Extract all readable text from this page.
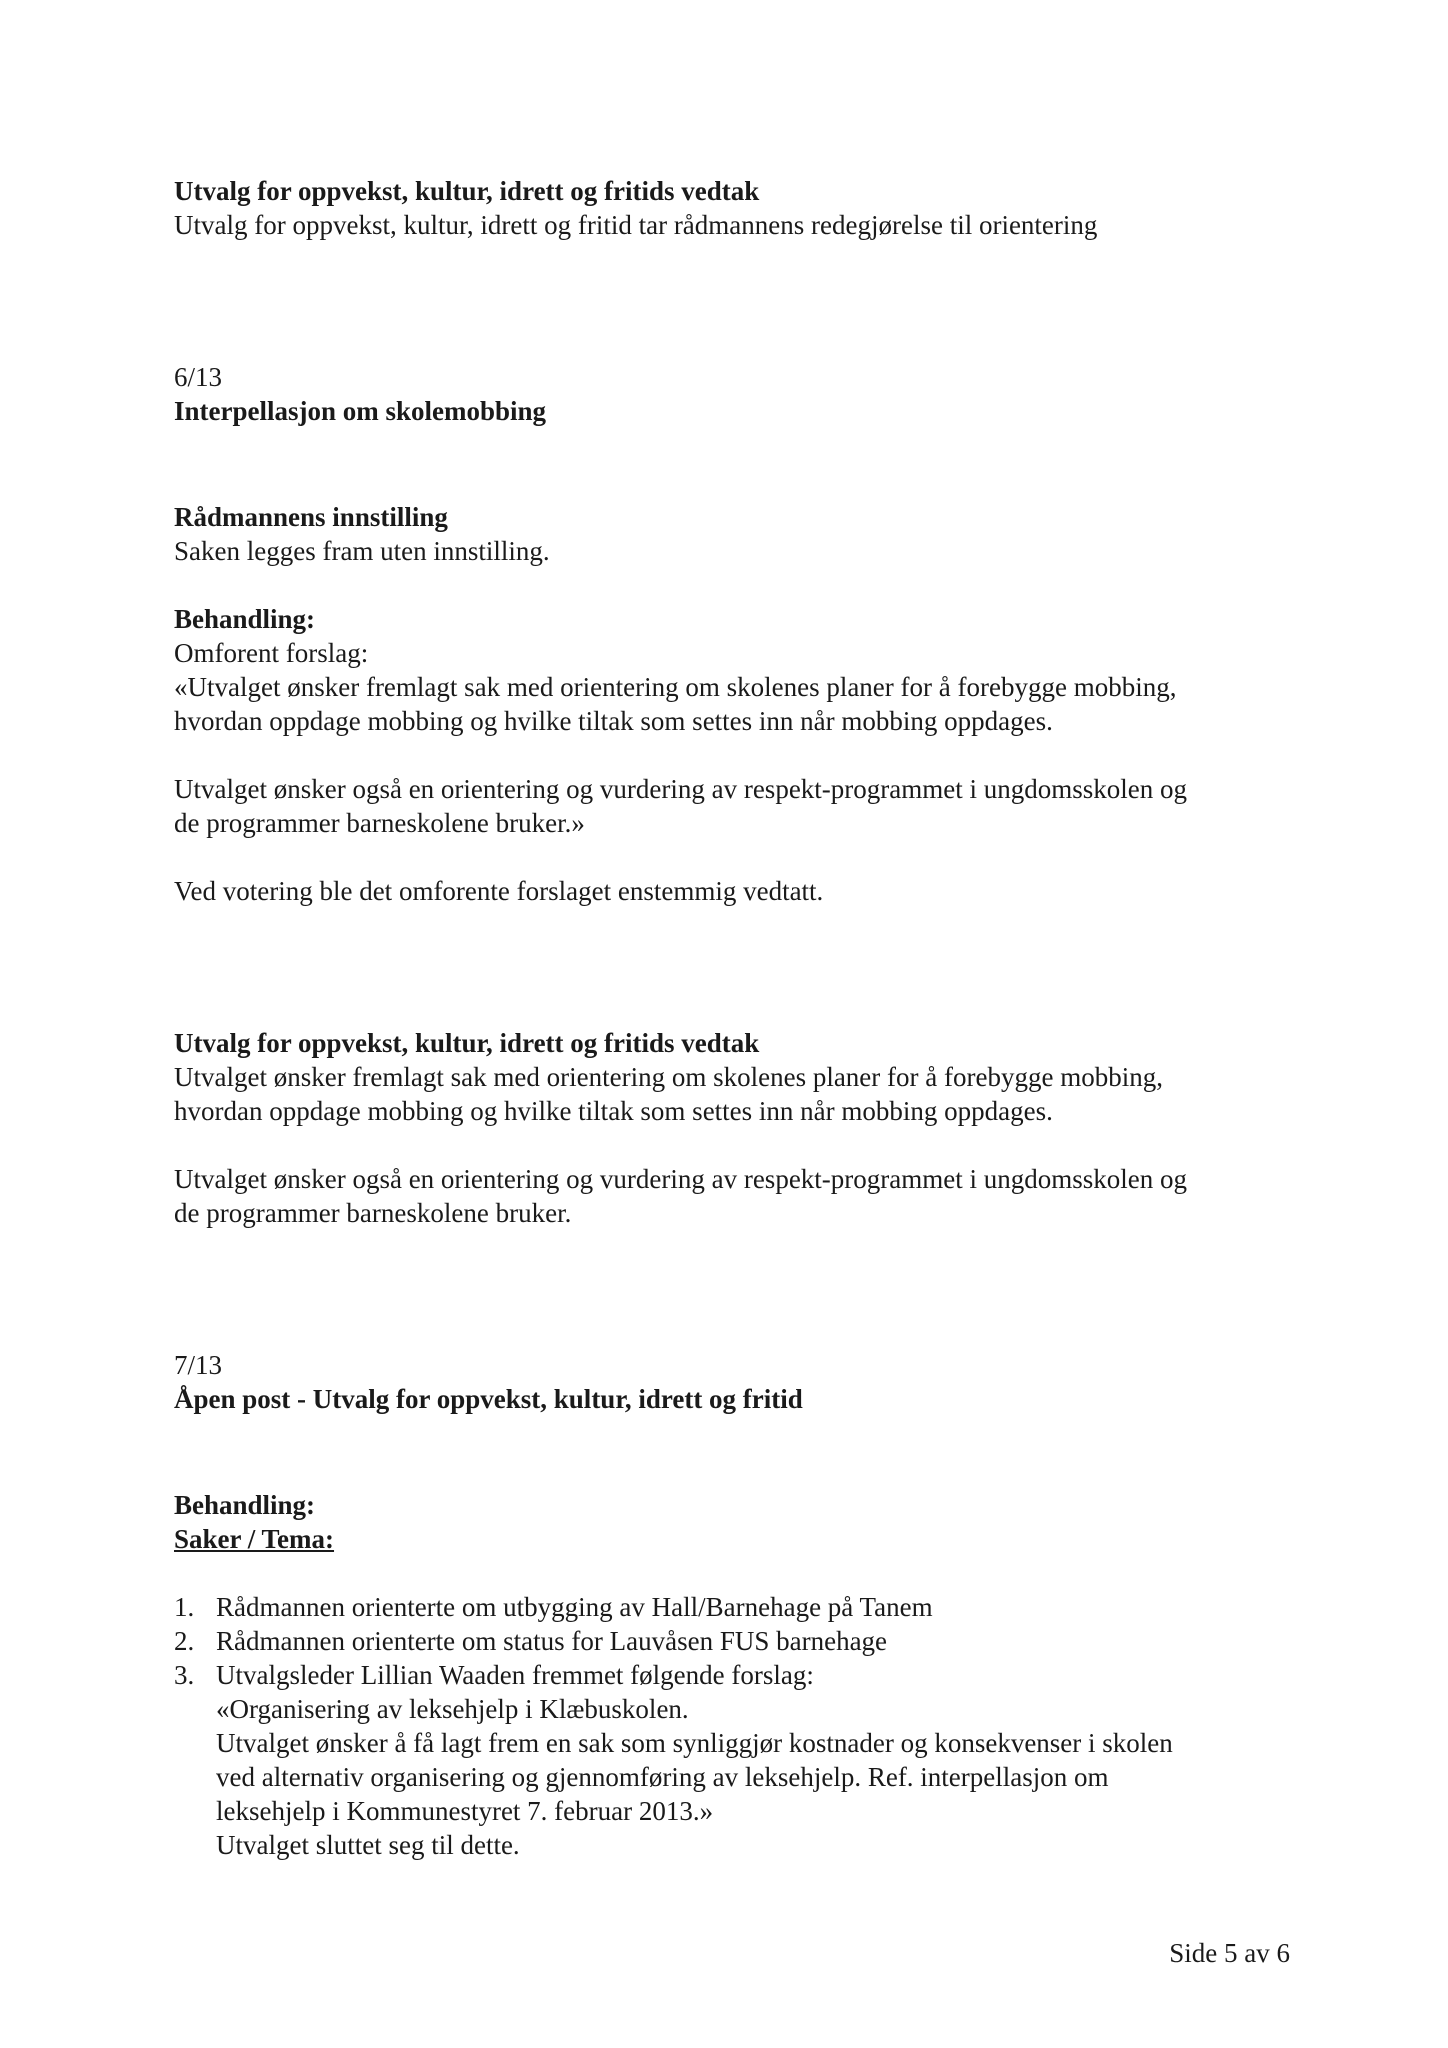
Utvalg for oppvekst, kultur, idrett og fritids vedtak

Utvalg for oppvekst, kultur, idrett og fritid tar rådmannens redegjørelse til orientering

6/13

Interpellasjon om skolemobbing

Rådmannens innstilling

Saken legges fram uten innstilling.

Behandling:

Omforent forslag:

«Utvalget ønsker fremlagt sak med orientering om skolenes planer for å forebygge mobbing,

hvordan oppdage mobbing og hvilke tiltak som settes inn når mobbing oppdages.

Utvalget ønsker også en orientering og vurdering av respekt-programmet i ungdomsskolen og

de programmer barneskolene bruker.»

Ved votering ble det omforente forslaget enstemmig vedtatt.

Utvalg for oppvekst, kultur, idrett og fritids vedtak

Utvalget ønsker fremlagt sak med orientering om skolenes planer for å forebygge mobbing,

hvordan oppdage mobbing og hvilke tiltak som settes inn når mobbing oppdages.

Utvalget ønsker også en orientering og vurdering av respekt-programmet i ungdomsskolen og

de programmer barneskolene bruker.

7/13

Åpen post - Utvalg for oppvekst, kultur, idrett og fritid

Behandling:

Saker / Tema:

1. Rådmannen orienterte om utbygging av Hall/Barnehage på Tanem

2. Rådmannen orienterte om status for Lauvåsen FUS barnehage

3. Utvalgsleder Lillian Waaden fremmet følgende forslag:

«Organisering av leksehjelp i Klæbuskolen.

Utvalget ønsker å få lagt frem en sak som synliggjør kostnader og konsekvenser i skolen

ved alternativ organisering og gjennomføring av leksehjelp. Ref. interpellasjon om

leksehjelp i Kommunestyret 7. februar 2013.»

Utvalget sluttet seg til dette.

Side 5 av 6
